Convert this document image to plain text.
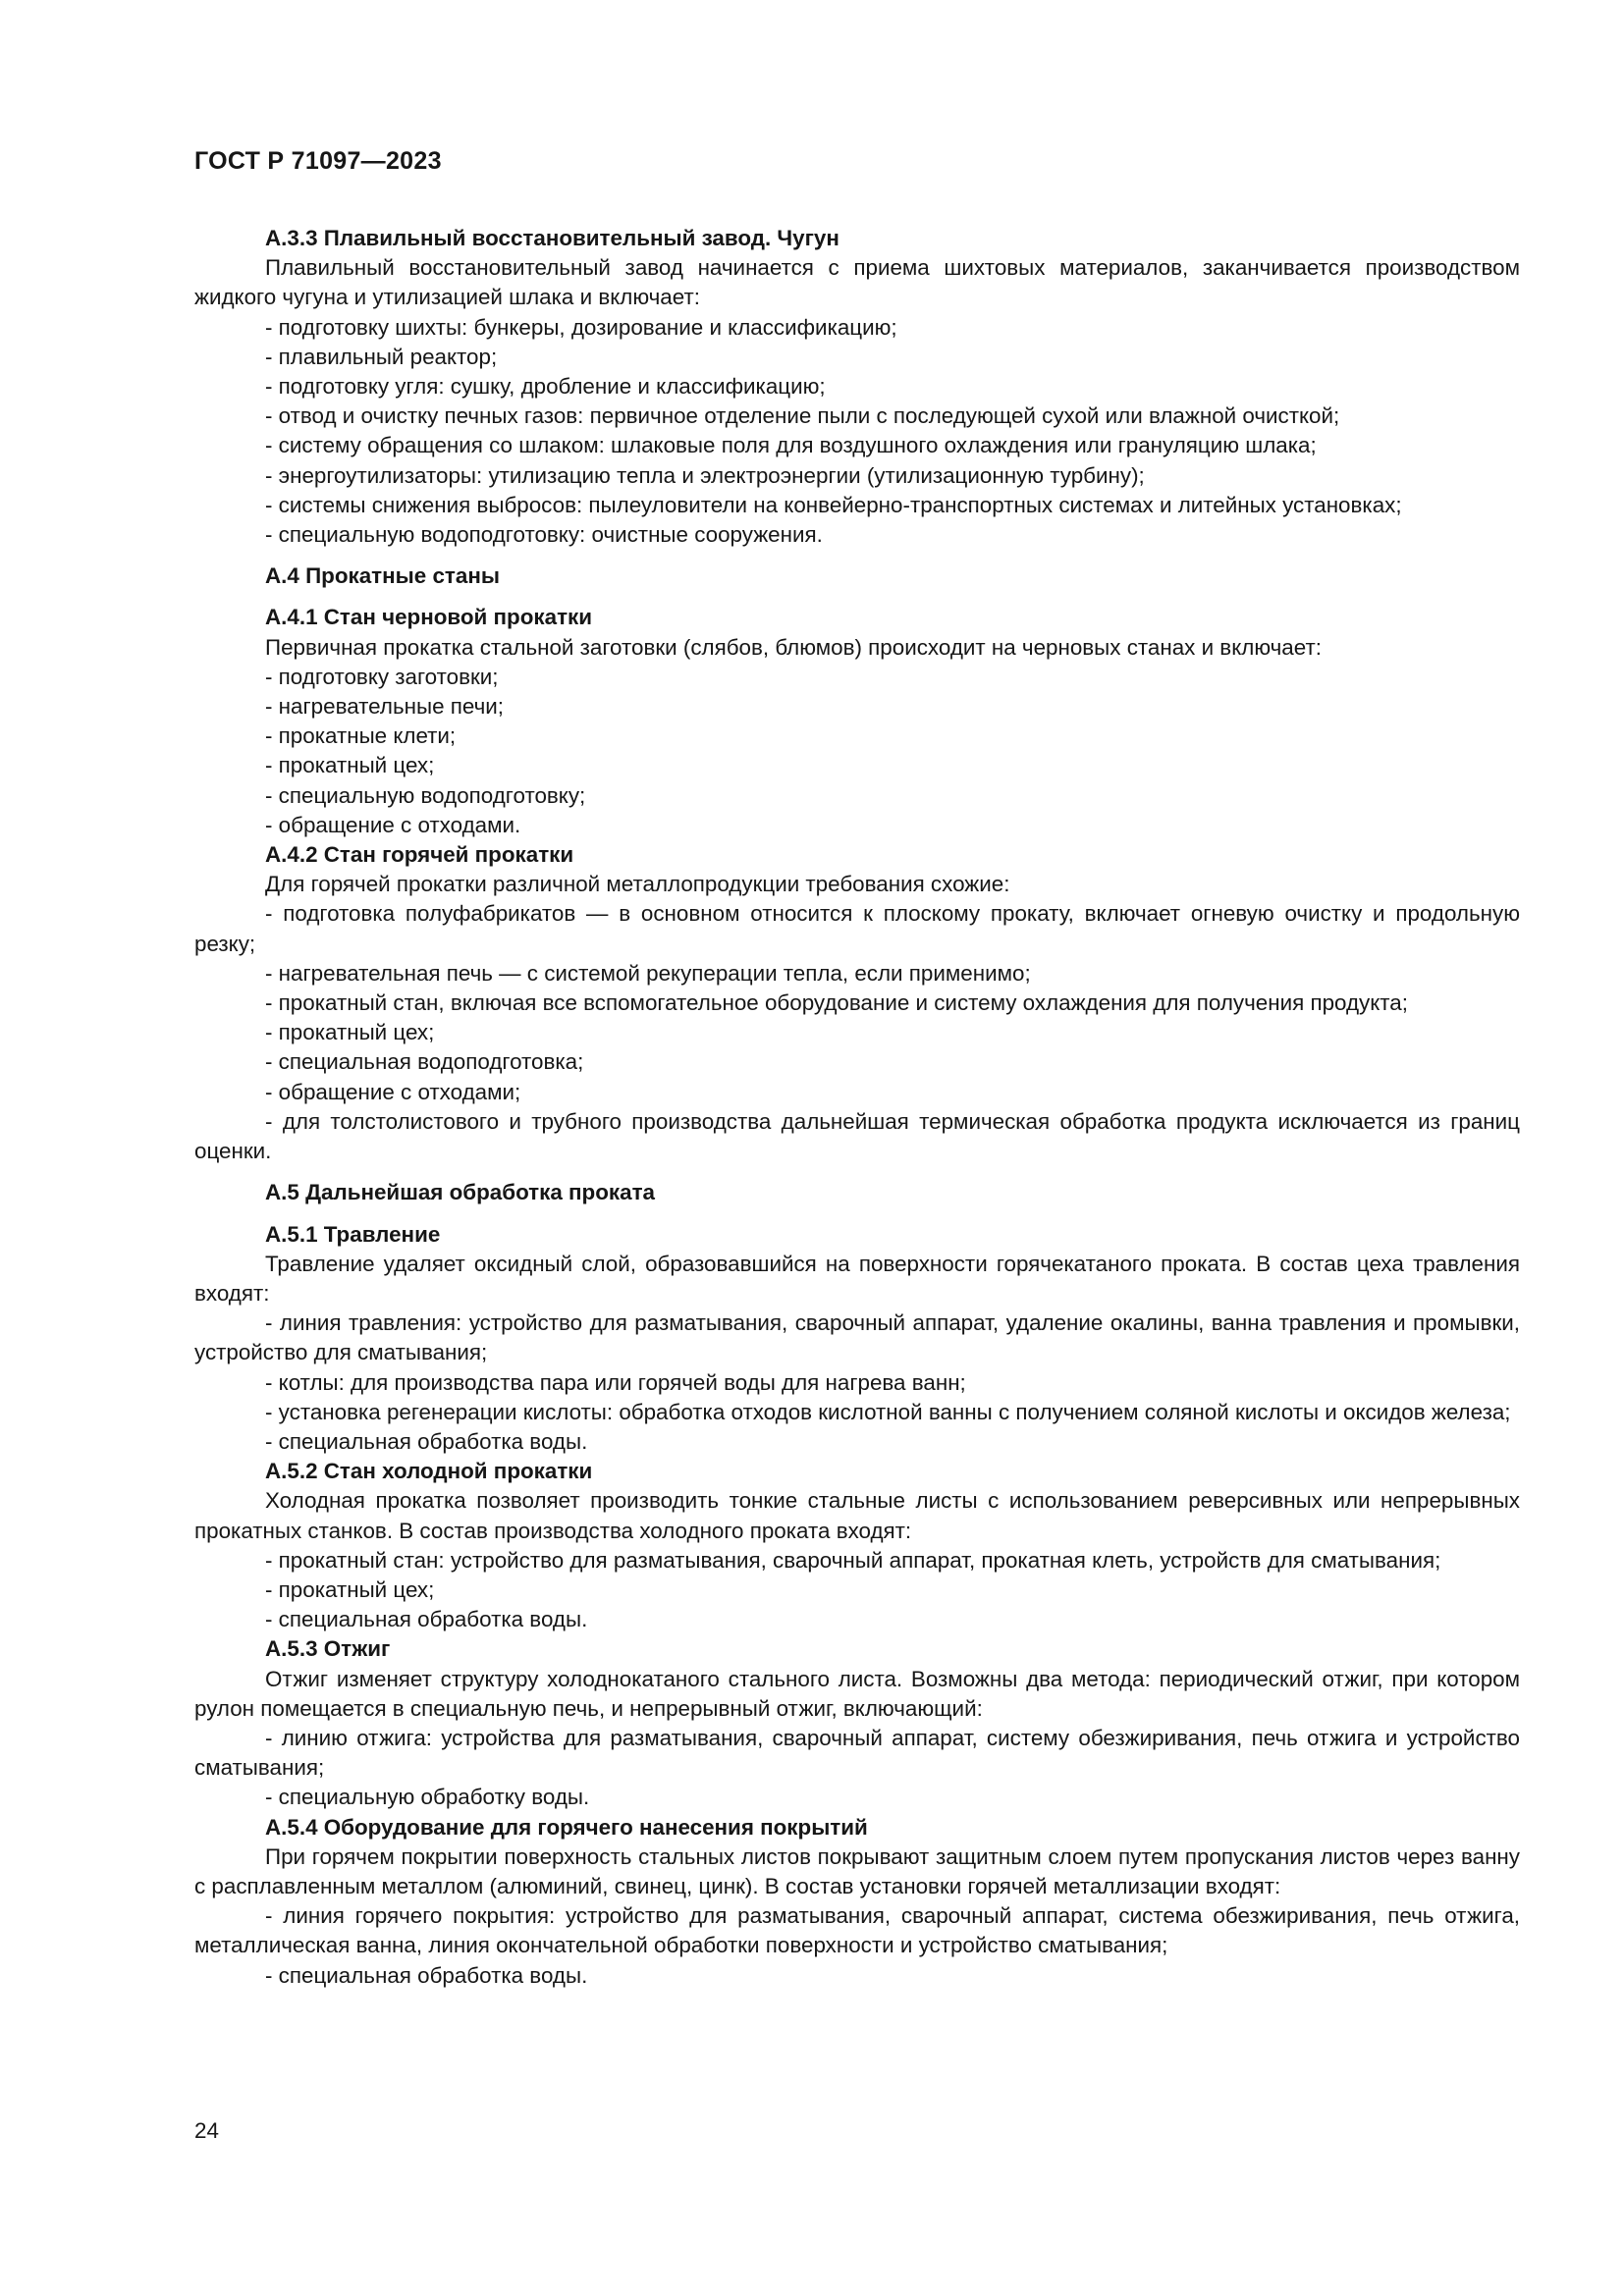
ГОСТ Р 71097—2023

А.3.3 Плавильный восстановительный завод. Чугун

Плавильный восстановительный завод начинается с приема шихтовых материалов, заканчивается производством жидкого чугуна и утилизацией шлака и включает:

- подготовку шихты: бункеры, дозирование и классификацию;

- плавильный реактор;

- подготовку угля: сушку, дробление и классификацию;

- отвод и очистку печных газов: первичное отделение пыли с последующей сухой или влажной очисткой;

- систему обращения со шлаком: шлаковые поля для воздушного охлаждения или грануляцию шлака;

- энергоутилизаторы: утилизацию тепла и электроэнергии (утилизационную турбину);

- системы снижения выбросов: пылеуловители на конвейерно-транспортных системах и литейных установках;

- специальную водоподготовку: очистные сооружения.

А.4 Прокатные станы

А.4.1 Стан черновой прокатки

Первичная прокатка стальной заготовки (слябов, блюмов) происходит на черновых станах и включает:

- подготовку заготовки;

- нагревательные печи;

- прокатные клети;

- прокатный цех;

- специальную водоподготовку;

- обращение с отходами.

А.4.2 Стан горячей прокатки

Для горячей прокатки различной металлопродукции требования схожие:

- подготовка полуфабрикатов — в основном относится к плоскому прокату, включает огневую очистку и продольную резку;

- нагревательная печь — с системой рекуперации тепла, если применимо;

- прокатный стан, включая все вспомогательное оборудование и систему охлаждения для получения продукта;

- прокатный цех;

- специальная водоподготовка;

- обращение с отходами;

- для толстолистового и трубного производства дальнейшая термическая обработка продукта исключается из границ оценки.

А.5 Дальнейшая обработка проката

А.5.1 Травление

Травление удаляет оксидный слой, образовавшийся на поверхности горячекатаного проката. В состав цеха травления входят:

- линия травления: устройство для разматывания, сварочный аппарат, удаление окалины, ванна травления и промывки, устройство для сматывания;

- котлы: для производства пара или горячей воды для нагрева ванн;

- установка регенерации кислоты: обработка отходов кислотной ванны с получением соляной кислоты и оксидов железа;

- специальная обработка воды.

А.5.2 Стан холодной прокатки

Холодная прокатка позволяет производить тонкие стальные листы с использованием реверсивных или непрерывных прокатных станков. В состав производства холодного проката входят:

- прокатный стан: устройство для разматывания, сварочный аппарат, прокатная клеть, устройств для сматывания;

- прокатный цех;

- специальная обработка воды.

А.5.3 Отжиг

Отжиг изменяет структуру холоднокатаного стального листа. Возможны два метода: периодический отжиг, при котором рулон помещается в специальную печь, и непрерывный отжиг, включающий:

- линию отжига: устройства для разматывания, сварочный аппарат, систему обезжиривания, печь отжига и устройство сматывания;

- специальную обработку воды.

А.5.4 Оборудование для горячего нанесения покрытий

При горячем покрытии поверхность стальных листов покрывают защитным слоем путем пропускания листов через ванну с расплавленным металлом (алюминий, свинец, цинк). В состав установки горячей металлизации входят:

- линия горячего покрытия: устройство для разматывания, сварочный аппарат, система обезжиривания, печь отжига, металлическая ванна, линия окончательной обработки поверхности и устройство сматывания;

- специальная обработка воды.

24
